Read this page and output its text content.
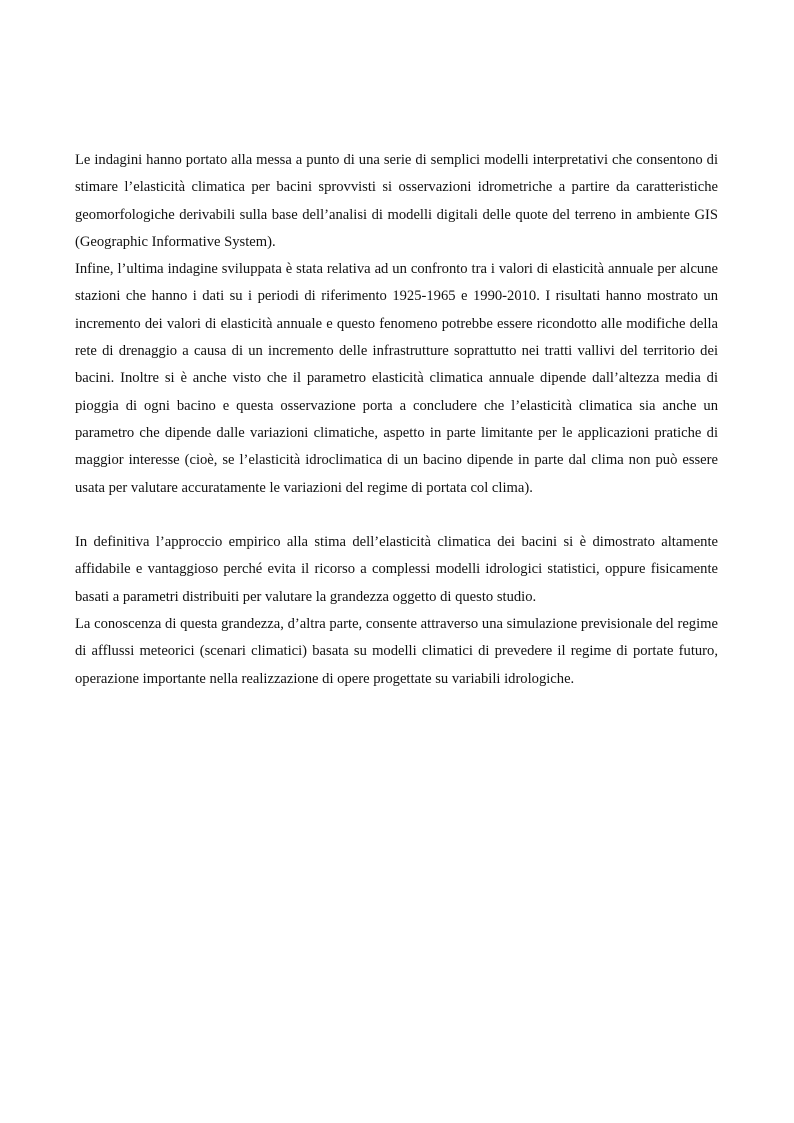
Le indagini hanno portato alla messa a punto di una serie di semplici modelli interpretativi che consentono di stimare l’elasticità climatica per bacini sprovvisti si osservazioni idrometriche a partire da caratteristiche geomorfologiche derivabili sulla base dell’analisi di modelli digitali delle quote del terreno in ambiente GIS (Geographic Informative System).

Infine, l’ultima indagine sviluppata è stata relativa ad un confronto tra i valori di elasticità annuale per alcune stazioni che hanno i dati su i periodi di riferimento 1925-1965 e 1990-2010. I risultati hanno mostrato un incremento dei valori di elasticità annuale e questo fenomeno potrebbe essere ricondotto alle modifiche della rete di drenaggio a causa di un incremento delle infrastrutture soprattutto nei tratti vallivi del territorio dei bacini. Inoltre si è anche visto che il parametro elasticità climatica annuale dipende dall’altezza media di pioggia di ogni bacino e questa osservazione porta a concludere che l’elasticità climatica sia anche un parametro che dipende dalle variazioni climatiche, aspetto in parte limitante per le applicazioni pratiche di maggior interesse (cioè, se l’elasticità idroclimatica di un bacino dipende in parte dal clima non può essere usata per valutare accuratamente le variazioni del regime di portata col clima).

In definitiva l’approccio empirico alla stima dell’elasticità climatica dei bacini si è dimostrato altamente affidabile e vantaggioso perché evita il ricorso a complessi modelli idrologici statistici, oppure fisicamente basati a parametri distribuiti per valutare la grandezza oggetto di questo studio.

La conoscenza di questa grandezza, d’altra parte, consente attraverso una simulazione previsionale del regime di afflussi meteorici (scenari climatici) basata su modelli climatici di prevedere il regime di portate futuro, operazione importante nella realizzazione di opere progettate su variabili idrologiche.
